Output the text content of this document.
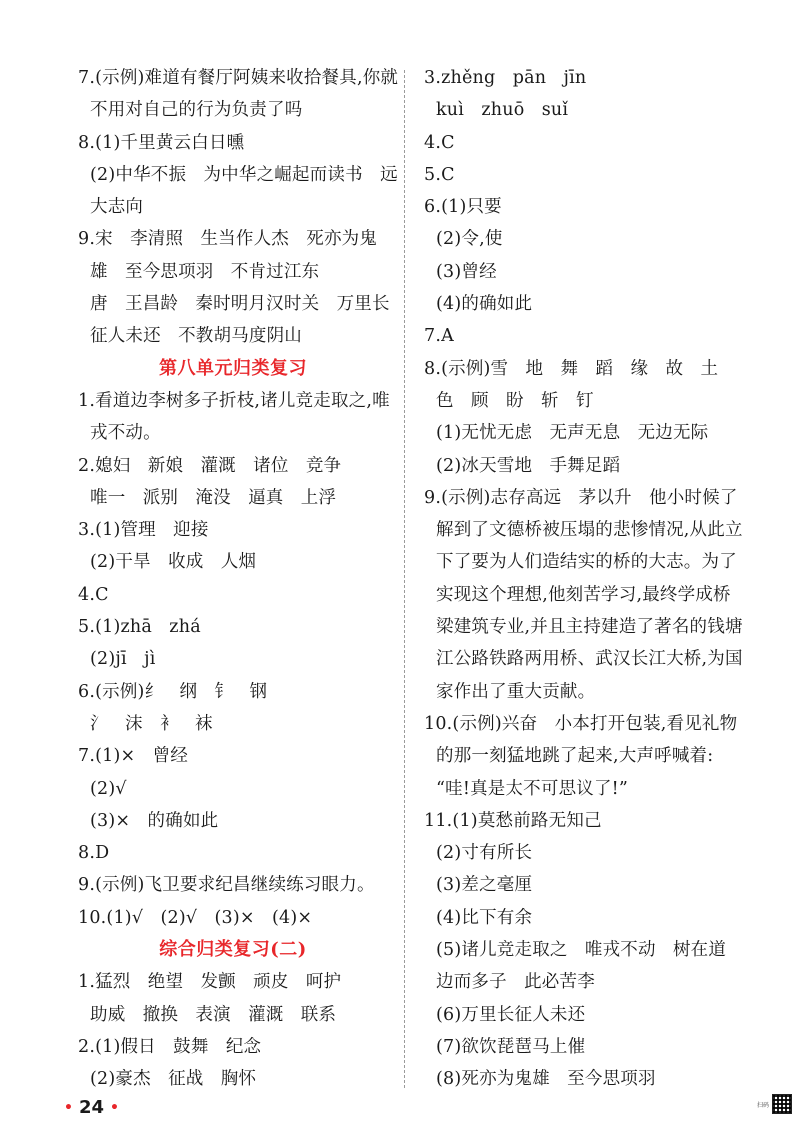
7.(示例)难道有餐厅阿姨来收拾餐具,你就
不用对自己的行为负责了吗
8.(1)千里黄云白日曛
(2)中华不振   为中华之崛起而读书   远
大志向
9.宋   李清照   生当作人杰   死亦为鬼
雄   至今思项羽   不肯过江东
唐   王昌龄   秦时明月汉时关   万里长
征人未还   不教胡马度阴山
第八单元归类复习
1.看道边李树多子折枝,诸儿竞走取之,唯
戎不动。
2.媳妇   新娘   灌溉   诸位   竞争
唯一   派别   淹没   逼真   上浮
3.(1)管理   迎接
(2)干旱   收成   人烟
4.C
5.(1)zhā   zhá
(2)jī   jì
6.(示例)纟   纲   钅   钢
氵   沫   衤   袜
7.(1)×   曾经
(2)√
(3)×   的确如此
8.D
9.(示例)飞卫要求纪昌继续练习眼力。
10.(1)√   (2)√   (3)×   (4)×
综合归类复习(二)
1.猛烈   绝望   发颤   顽皮   呵护
助威   撤换   表演   灌溉   联系
2.(1)假日   鼓舞   纪念
(2)豪杰   征战   胸怀
3.zhěng   pān   jīn
kuì   zhuō   suǐ
4.C
5.C
6.(1)只要
(2)令,使
(3)曾经
(4)的确如此
7.A
8.(示例)雪   地   舞   蹈   缘   故   土
色   顾   盼   斩   钉
(1)无忧无虑   无声无息   无边无际
(2)冰天雪地   手舞足蹈
9.(示例)志存高远   茅以升   他小时候了
解到了文德桥被压塌的悲惨情况,从此立
下了要为人们造结实的桥的大志。为了
实现这个理想,他刻苦学习,最终学成桥
梁建筑专业,并且主持建造了著名的钱塘
江公路铁路两用桥、武汉长江大桥,为国
家作出了重大贡献。
10.(示例)兴奋   小本打开包装,看见礼物
的那一刻猛地跳了起来,大声呼喊着:
“哇!真是太不可思议了!”
11.(1)莫愁前路无知己
(2)寸有所长
(3)差之毫厘
(4)比下有余
(5)诸儿竞走取之   唯戎不动   树在道
边而多子   此必苦李
(6)万里长征人未还
(7)欲饮琵琶马上催
(8)死亦为鬼雄   至今思项羽
• 24 •	扫码
